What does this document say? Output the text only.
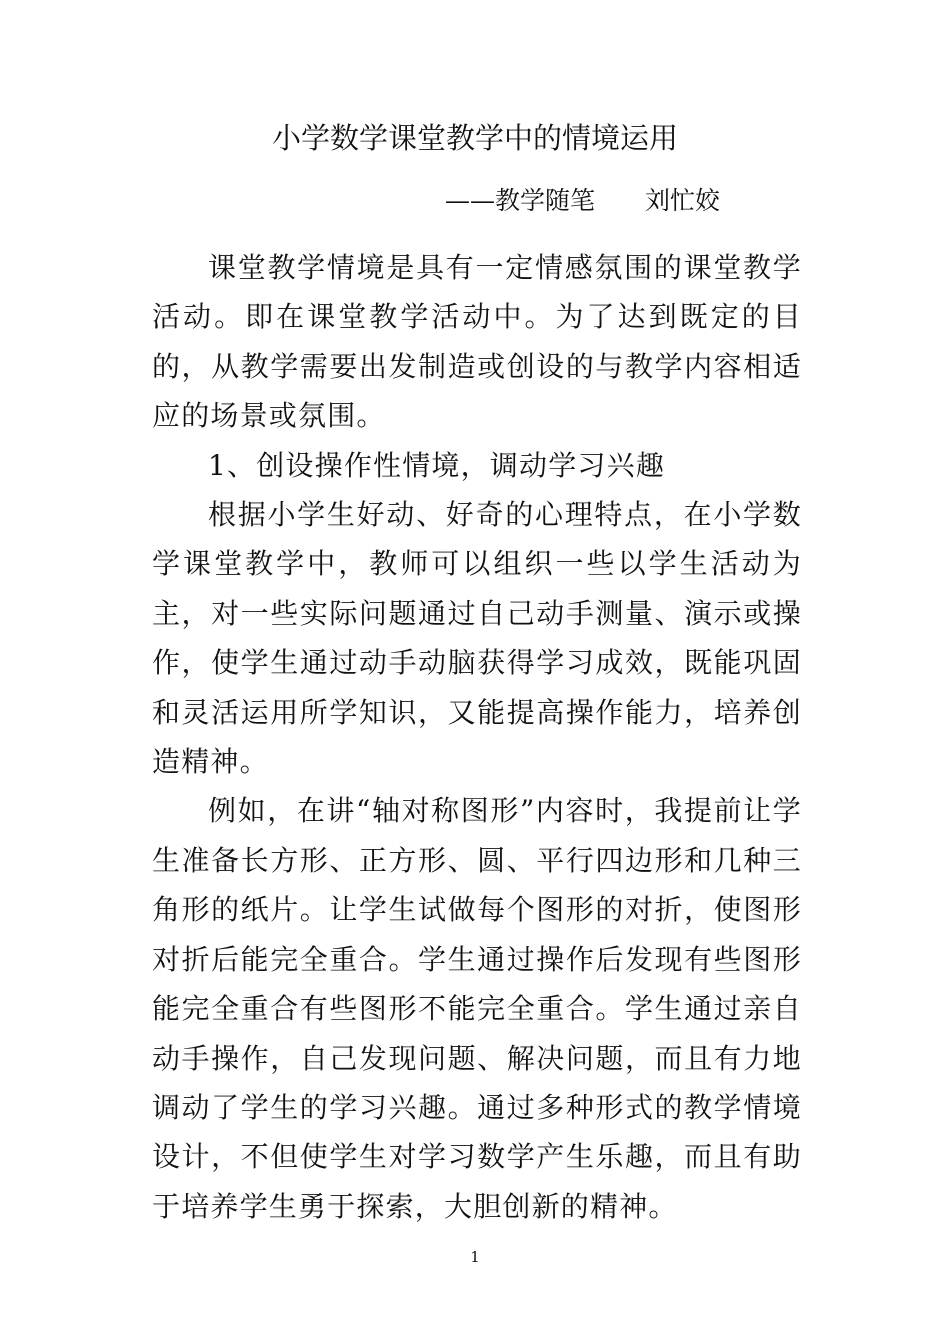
小学数学课堂教学中的情境运用
——教学随笔　　刘忙姣

课堂教学情境是具有一定情感氛围的课堂教学活动。即在课堂教学活动中。为了达到既定的目的，从教学需要出发制造或创设的与教学内容相适应的场景或氛围。

1、创设操作性情境，调动学习兴趣

根据小学生好动、好奇的心理特点，在小学数学课堂教学中，教师可以组织一些以学生活动为主，对一些实际问题通过自己动手测量、演示或操作，使学生通过动手动脑获得学习成效，既能巩固和灵活运用所学知识，又能提高操作能力，培养创造精神。

例如，在讲“轴对称图形”内容时，我提前让学生准备长方形、正方形、圆、平行四边形和几种三角形的纸片。让学生试做每个图形的对折，使图形对折后能完全重合。学生通过操作后发现有些图形能完全重合有些图形不能完全重合。学生通过亲自动手操作，自己发现问题、解决问题，而且有力地调动了学生的学习兴趣。通过多种形式的教学情境设计，不但使学生对学习数学产生乐趣，而且有助于培养学生勇于探索，大胆创新的精神。

1
